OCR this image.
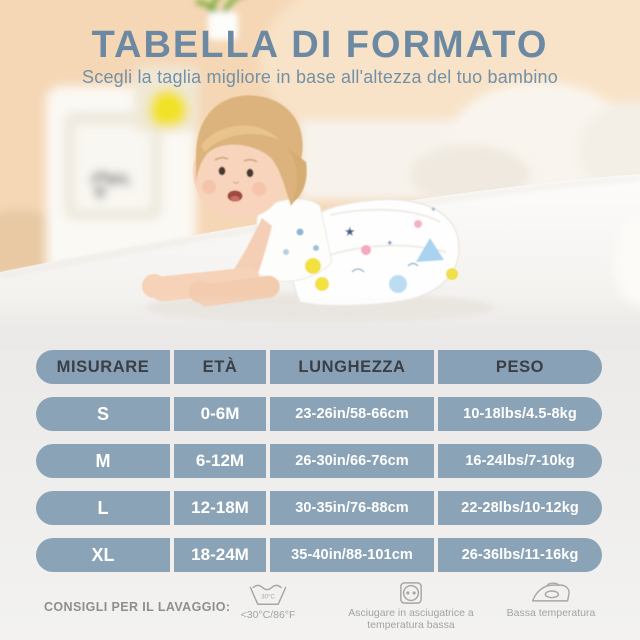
★
✦
✦
TABELLA DI FORMATO
Scegli la taglia migliore in base all'altezza del tuo bambino
MISURARE	ETÀ	LUNGHEZZA	PESO
S	0-6M	23-26in/58-66cm	10-18lbs/4.5-8kg
M	6-12M	26-30in/66-76cm	16-24lbs/7-10kg
L	12-18M	30-35in/76-88cm	22-28lbs/10-12kg
XL	18-24M	35-40in/88-101cm	26-36lbs/11-16kg
CONSIGLI PER IL LAVAGGIO:
30°C
<30°C/86°F	Asciugare in asciugatrice a temperatura bassa
Bassa temperatura
